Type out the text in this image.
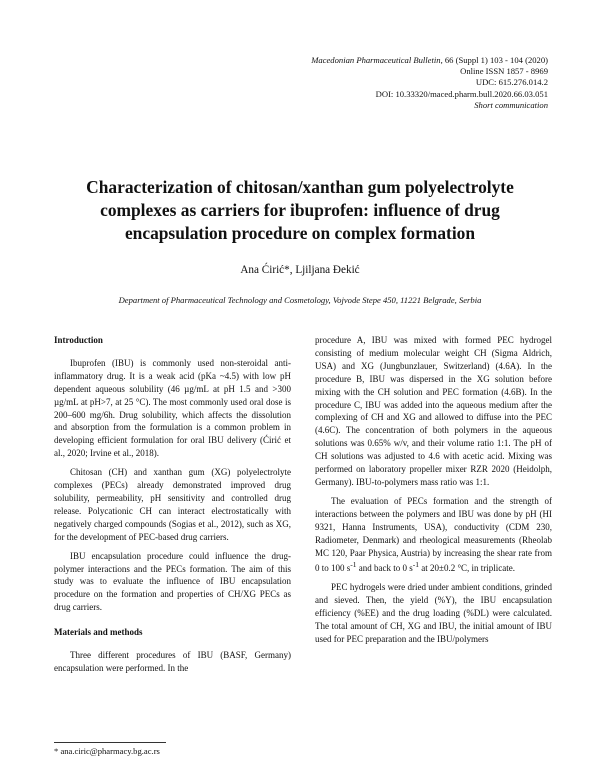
Macedonian Pharmaceutical Bulletin, 66 (Suppl 1) 103 - 104 (2020)
Online ISSN 1857 - 8969
UDC: 615.276.014.2
DOI: 10.33320/maced.pharm.bull.2020.66.03.051
Short communication
Characterization of chitosan/xanthan gum polyelectrolyte complexes as carriers for ibuprofen: influence of drug encapsulation procedure on complex formation
Ana Ćirić*, Ljiljana Đekić
Department of Pharmaceutical Technology and Cosmetology, Vojvode Stepe 450, 11221 Belgrade, Serbia
Introduction

Ibuprofen (IBU) is commonly used non-steroidal anti-inflammatory drug. It is a weak acid (pKa ~4.5) with low pH dependent aqueous solubility (46 µg/mL at pH 1.5 and >300 µg/mL at pH>7, at 25 °C). The most commonly used oral dose is 200–600 mg/6h. Drug solubility, which affects the dissolution and absorption from the formulation is a common problem in developing efficient formulation for oral IBU delivery (Ćirić et al., 2020; Irvine et al., 2018).

Chitosan (CH) and xanthan gum (XG) polyelectrolyte complexes (PECs) already demonstrated improved drug solubility, permeability, pH sensitivity and controlled drug release. Polycationic CH can interact electrostatically with negatively charged compounds (Sogias et al., 2012), such as XG, for the development of PEC-based drug carriers.

IBU encapsulation procedure could influence the drug-polymer interactions and the PECs formation. The aim of this study was to evaluate the influence of IBU encapsulation procedure on the formation and properties of CH/XG PECs as drug carriers.

Materials and methods

Three different procedures of IBU (BASF, Germany) encapsulation were performed. In the

procedure A, IBU was mixed with formed PEC hydrogel consisting of medium molecular weight CH (Sigma Aldrich, USA) and XG (Jungbunzlauer, Switzerland) (4.6A). In the procedure B, IBU was dispersed in the XG solution before mixing with the CH solution and PEC formation (4.6B). In the procedure C, IBU was added into the aqueous medium after the complexing of CH and XG and allowed to diffuse into the PEC (4.6C). The concentration of both polymers in the aqueous solutions was 0.65% w/v, and their volume ratio 1:1. The pH of CH solutions was adjusted to 4.6 with acetic acid. Mixing was performed on laboratory propeller mixer RZR 2020 (Heidolph, Germany). IBU-to-polymers mass ratio was 1:1.

The evaluation of PECs formation and the strength of interactions between the polymers and IBU was done by pH (HI 9321, Hanna Instruments, USA), conductivity (CDM 230, Radiometer, Denmark) and rheological measurements (Rheolab MC 120, Paar Physica, Austria) by increasing the shear rate from 0 to 100 $s^{-1}$ and back to 0 $s^{-1}$ at 20±0.2 °C, in triplicate.

PEC hydrogels were dried under ambient conditions, grinded and sieved. Then, the yield (%Y), the IBU encapsulation efficiency (%EE) and the drug loading (%DL) were calculated. The total amount of CH, XG and IBU, the initial amount of IBU used for PEC preparation and the IBU/polymers

* ana.ciric@pharmacy.bg.ac.rs
